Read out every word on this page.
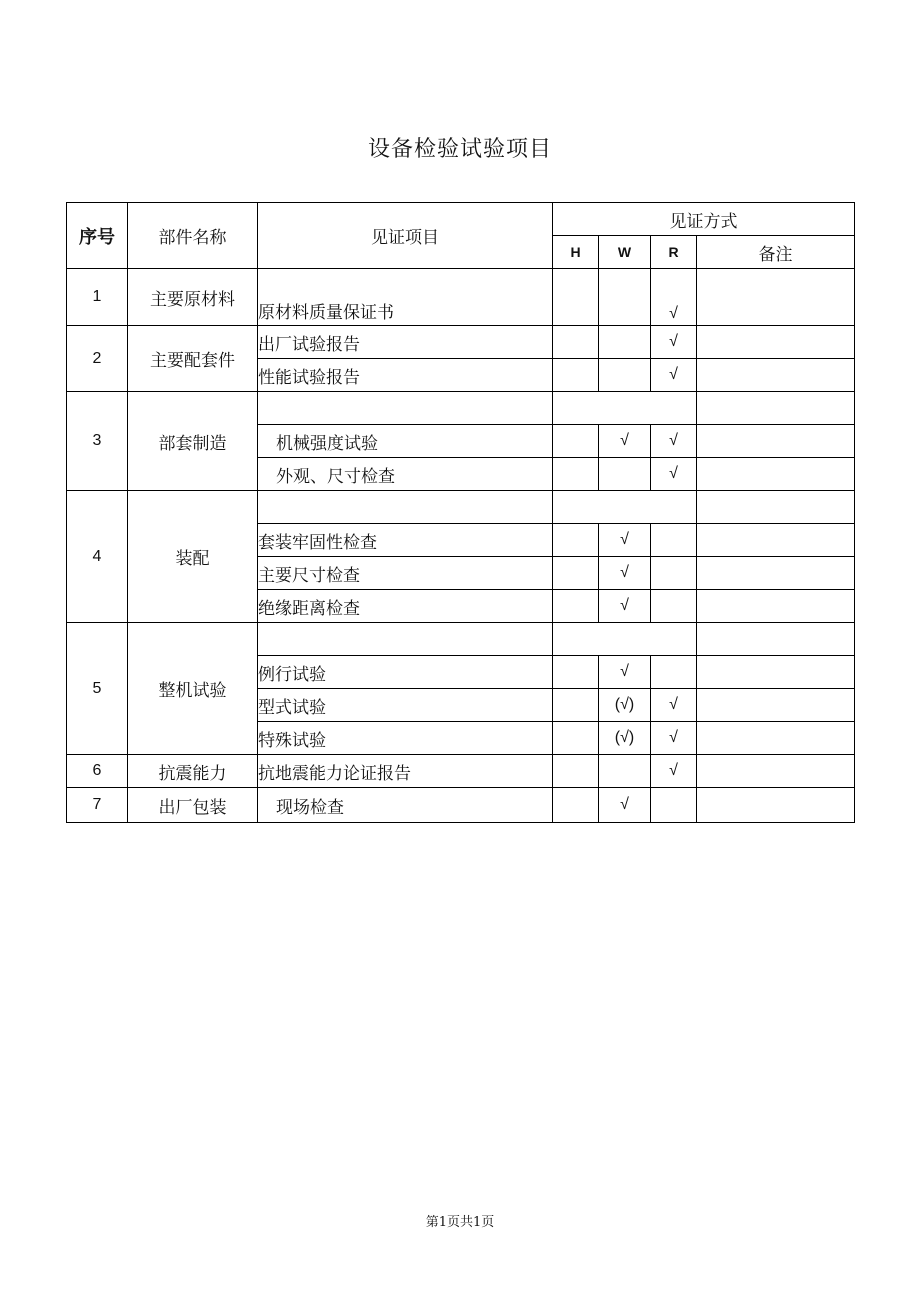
设备检验试验项目
序号	部件名称	见证项目	见证方式			
			H	W	R	备注
1	主要原材料	原材料质量保证书			√	
2	主要配套件	出厂试验报告			√	
		性能试验报告			√	
3	部套制造					
		机械强度试验		√	√	
		外观、尺寸检查			√	
4	装配					
		套装牢固性检查		√		
		主要尺寸检查		√		
		绝缘距离检查		√		
5	整机试验					
		例行试验		√		
		型式试验		(√)	√	
		特殊试验		(√)	√	
6	抗震能力	抗地震能力论证报告			√	
7	出厂包装	现场检查		√		
第1页共1页
